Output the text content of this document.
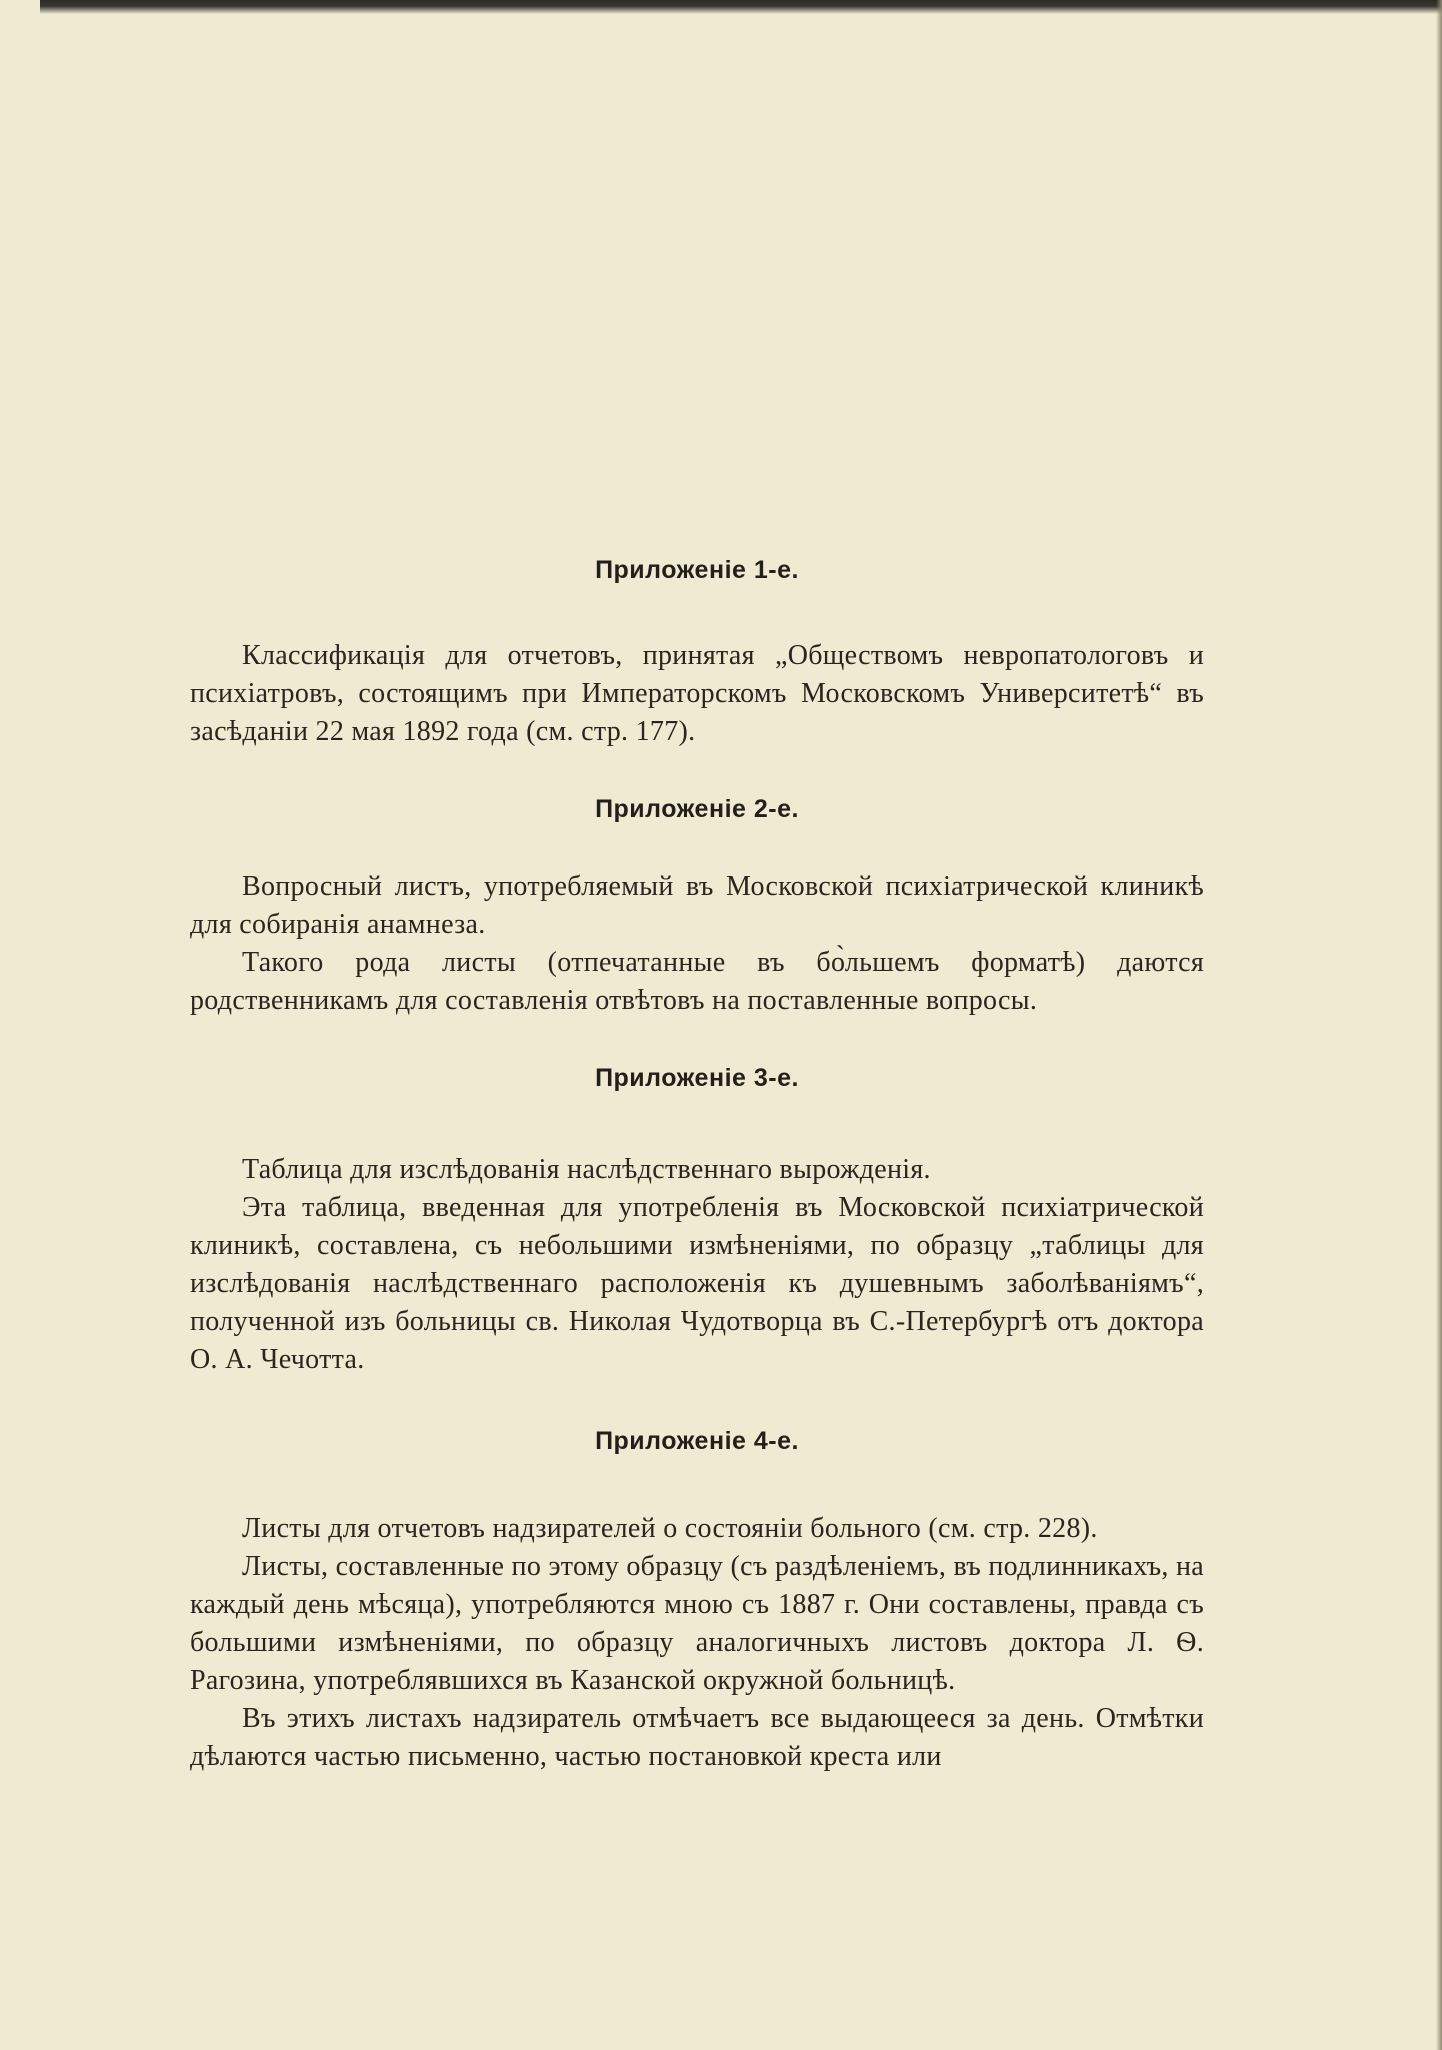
Приложеніе 1-е.

Классификація для отчетовъ, принятая „Обществомъ невропатологовъ и психіатровъ, состоящимъ при Императорскомъ Московскомъ Университетѣ“ въ засѣданіи 22 мая 1892 года (см. стр. 177).

Приложеніе 2-е.

Вопросный листъ, употребляемый въ Московской психіатрической клиникѣ для собиранія анамнеза.

Такого рода листы (отпечатанные въ бо̀льшемъ форматѣ) даются родственникамъ для составленія отвѣтовъ на поставленные вопросы.

Приложеніе 3-е.

Таблица для изслѣдованія наслѣдственнаго вырожденія.

Эта таблица, введенная для употребленія въ Московской психіатрической клиникѣ, составлена, съ небольшими измѣненіями, по образцу „таблицы для изслѣдованія наслѣдственнаго расположенія къ душевнымъ заболѣваніямъ“, полученной изъ больницы св. Николая Чудотворца въ С.-Петербургѣ отъ доктора О. А. Чечотта.

Приложеніе 4-е.

Листы для отчетовъ надзирателей о состояніи больного (см. стр. 228).

Листы, составленные по этому образцу (съ раздѣленіемъ, въ подлинникахъ, на каждый день мѣсяца), употребляются мною съ 1887 г. Они составлены, правда съ большими измѣненіями, по образцу аналогичныхъ листовъ доктора Л. Ѳ. Рагозина, употреблявшихся въ Казанской окружной больницѣ.

Въ этихъ листахъ надзиратель отмѣчаетъ все выдающееся за день. Отмѣтки дѣлаются частью письменно, частью постановкой креста или
